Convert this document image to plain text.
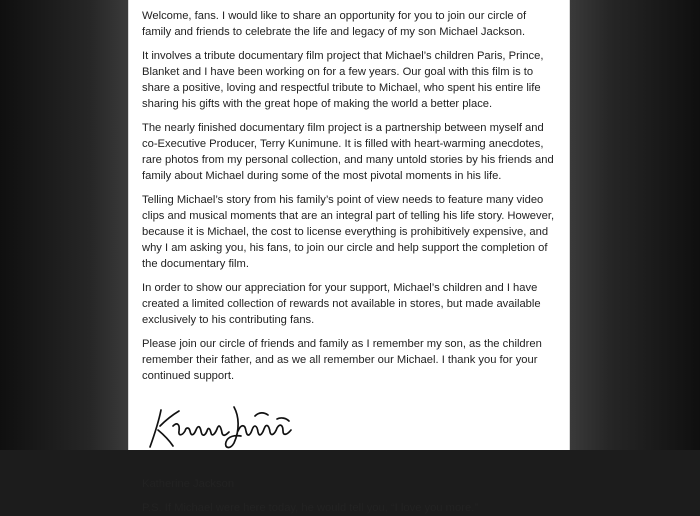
Welcome, fans. I would like to share an opportunity for you to join our circle of family and friends to celebrate the life and legacy of my son Michael Jackson.

It involves a tribute documentary film project that Michael’s children Paris, Prince, Blanket and I have been working on for a few years. Our goal with this film is to share a positive, loving and respectful tribute to Michael, who spent his entire life sharing his gifts with the great hope of making the world a better place.

The nearly finished documentary film project is a partnership between myself and co-Executive Producer, Terry Kunimune. It is filled with heart-warming anecdotes, rare photos from my personal collection, and many untold stories by his friends and family about Michael during some of the most pivotal moments in his life.

Telling Michael’s story from his family’s point of view needs to feature many video clips and musical moments that are an integral part of telling his life story. However, because it is Michael, the cost to license everything is prohibitively expensive, and why I am asking you, his fans, to join our circle and help support the completion of the documentary film.

In order to show our appreciation for your support, Michael’s children and I have created a limited collection of rewards not available in stores, but made available exclusively to his contributing fans.

Please join our circle of friends and family as I remember my son, as the children remember their father, and as we all remember our Michael. I thank you for your continued support.

Katherine Jackson

P.S. If Michael were here today, he would tell you, “I love you more.”
